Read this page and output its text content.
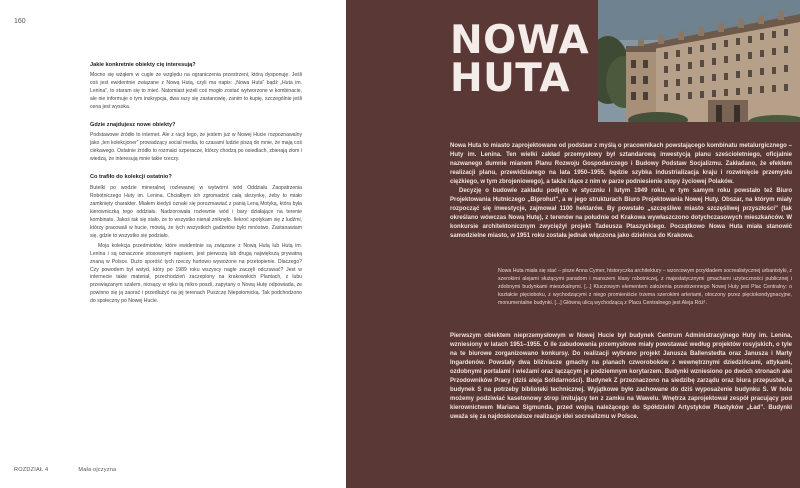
160
Jakie konkretnie obiekty cię interesują?
Mocno się wżąłem w cugle ze względu na ograniczenia przestrzeni, którą dysponuję. Jeśli coś jest ewidentnie związane z Nową Hutą, czyli ma napis: „Nowa Huta” bądź „Huta im. Lenina”, to staram się to mieć. Natomiast jeżeli coś mogło zostać wytworzone w kombinacie, ale nie informuje o tym inskrypcja, dwa razy się zastanowię, zanim to kupię, szczególnie jeśli cena jest wysoka.
Gdzie znajdujesz nowe obiekty?
Podstawowe źródło to internet. Ale z racji tego, że jestem już w Nowej Hucie rozpoznawalny jako „ten kolekcjoner” prowadzący social media, to czasami ludzie piszą do mnie, że mają coś ciekawego. Ostatnie źródło to rozmaici szperacze, którzy chodzą po osiedlach, zbierają złom i wiedzą, że interesują mnie takie rzeczy.
Co trafiło do kolekcji ostatnio?
Butelki po wodzie mineralnej rozlewanej w wytwórni wód Oddziału Zaopatrzenia Robotniczego Huty im. Lenina. Chciałbym ich zgromadzić całą skrzynkę, żeby to miało zamknięty charakter. Miałem kiedyś oznaki się porozmawiać z panią Leną Motyką, która była kierowniczką tego oddziału. Nadzorowała rozlewnie wód i bary działające na terenie kombinatu. Jakoś tak się stało, że to wszystko nienal zniknęło. Ilekroć spotykam się z ludźmi, którzy pracowali w hucie, mówią, że tych wszystkich gadżetów było mnóstwo. Zastanawiam się, gdzie to wszystko się podziało.
Moja kolekcja przedmiotów, które ewidentnie są związane z Nową Hutą lub Hutą im. Lenina i są oznaczone stosownym napisem, jest pierwszą lub drugą największą prywatną znaną w Polsce. Dużo sporóść tych rzeczy hurtowo wywożone na przetopienie. Dlaczego? Czy powodem był wstyd, który po 1989 roku wszyscy nagle zaczęli odczuwać? Jest w internecie takie materiał, przechodzień zaczepiony na krakowskich Plantach, z lubu przewiązanym szalem, niosący w ręku tą mikro poszli, zapytany o Nową Hutę odpowiada, że powinno się ją zaorać i przedłużyć na jej terenach Puszczę Niepołomicką. Tak podchodzono do społeczny po Nowej Hucie.
ROZDZIAŁ 4	Mała ojczyzna
NOWA
HUTA

Nowa Huta to miasto zaprojektowane od podstaw z myślą o pracownikach powstającego kombinatu metalurgicznego – Huty im. Lenina. Ten wielki zakład przemysłowy był sztandarową inwestycją planu sześcioletniego, oficjalnie nazwanego dumnie mianem Planu Rozwoju Gospodarczego i Budowy Podstaw Socjalizmu. Zakładano, że efektem realizacji planu, przewidzianego na lata 1950–1955, będzie szybka industrializacja kraju i rozwinięcie przemysłu ciężkiego, w tym zbrojeniowego), a także idące z nim w parze podniesienie stopy życiowej Polaków.

Decyzję o budowie zakładu podjęto w styczniu i lutym 1949 roku, w tym samym roku powstało też Biuro Projektowania Hutniczego „Biprohut”, a w jego strukturach Biuro Projektowania Nowej Huty. Obszar, na którym miały rozpocząć się inwestycje, zajmował 1100 hektarów. By powstało „szczęśliwe miasto szczęśliwej przyszłości” (tak określano wówczas Nową Hutę), z terenów na południe od Krakowa wywłaszczono dotychczasowych mieszkańców. W konkursie architektonicznym zwyciężył projekt Tadeusza Ptaszyckiego. Początkowo Nowa Huta miała stanowić samodzielne miasto, w 1951 roku została jednak włączona jako dzielnica do Krakowa.

Nowa Huta miała się stać – pisze Anna Cymer, historyczka architektury – wzorcowym przykładem socrealistycznej urbanistyki, z szerokimi alejami służącymi paradom i manszem klasy robotniczej, z majestatycznymi gmachami użyteczności publicznej i zdobnymi budynkami mieszkalnymi. [...] Kluczowym elementem założenia przestrzennego Nowej Huty jest Plac Centralny: o kształcie pięcioboku, z wychodzącymi z niego promieniście trzema szerokimi arteriami, otoczony przez pięciokondygnacyjne, monumentalne budynki. [...] Główną ulicą wychodzącą z Placu Centralnego jest Aleja Róż¹.
Pierwszym obiektem nieprzemysłowym w Nowej Hucie był budynek Centrum Administracyjnego Huty im. Lenina, wzniesiony w latach 1951–1955. O ile zabudowania przemysłowe miały powstawać według projektów rosyjskich, o tyle na te biurowe zorganizowano konkursy. Do realizacji wybrano projekt Janusza Ballenstedta oraz Janusza i Marty Ingardenów. Powstały dwa bliźniacze gmachy na planach czworoboków z wewnętrznymi dziedzińcami, attykami, ozdobnymi portalami i wieżami oraz łączącym je podziemnym korytarzem. Budynki wzniesiono po dwóch stronach alei Przodowników Pracy (dziś aleja Solidarności). Budynek Z przeznaczono na siedzibę zarządu oraz biura przepustek, a budynek S na potrzeby biblioteki technicznej. Wyjątkowe było zachowane do dziś wyposażenie budynku S. W holu możemy podziwiać kasetonowy strop imitujący ten z zamku na Wawelu. Wnętrza zaprojektował zespół pracujący pod kierownictwem Mariana Sigmunda, przed wojną należącego do Spółdzielni Artystyków Plastyków „Ład”. Budynki uważa się za najdoskonalsze realizacje idei socrealizmu w Polsce.
